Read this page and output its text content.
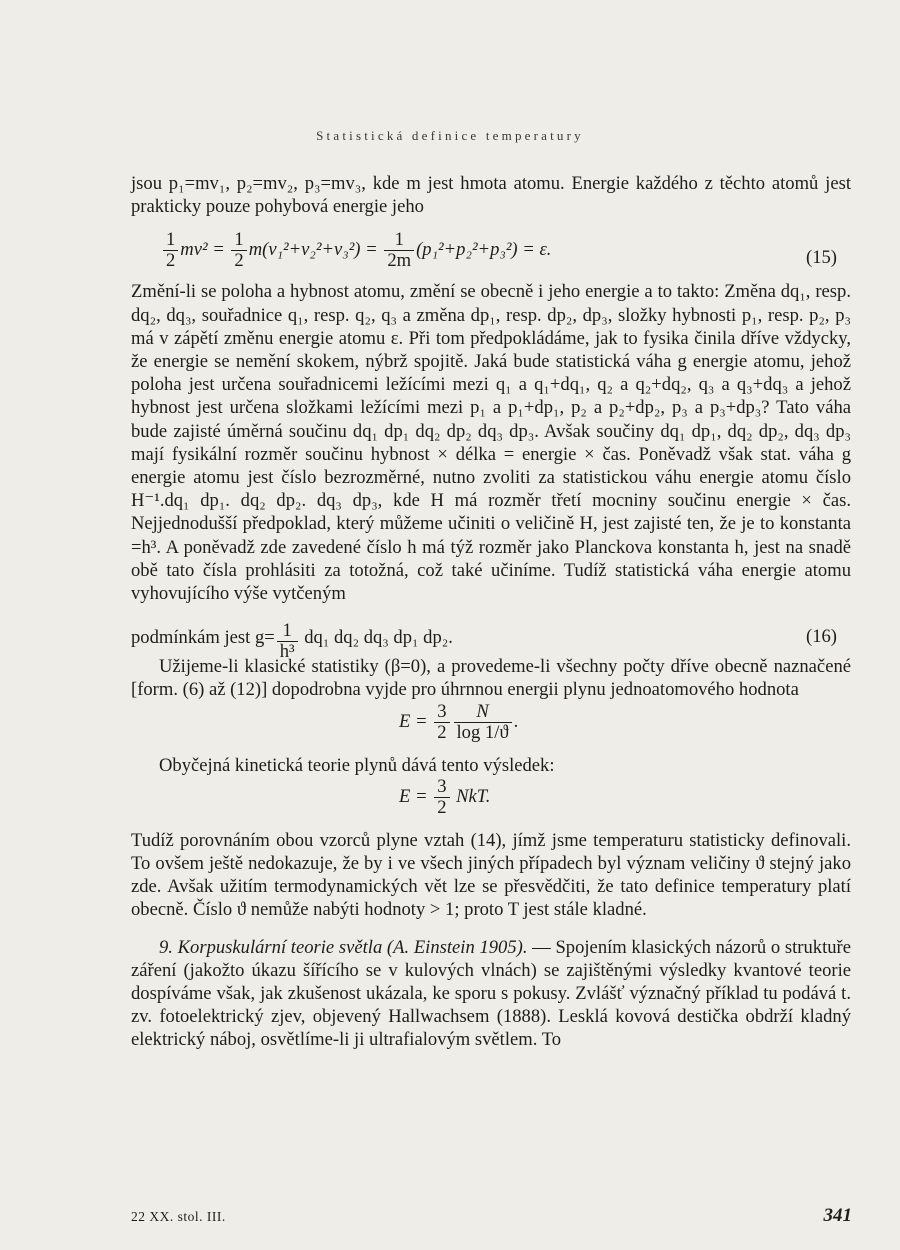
Statistická definice temperatury

jsou p₁=mv₁, p₂=mv₂, p₃=mv₃, kde m jest hmota atomu. Energie každého z těchto atomů jest prakticky pouze pohybová energie jeho

$\frac{1}{2} mv^2 = \frac{1}{2} m(v_1^2+v_2^2+v_3^2) = \frac{1}{2m} (p_1^2+p_2^2+p_3^2) = \varepsilon$.	(15)

Změní-li se poloha a hybnost atomu, změní se obecně i jeho energie a to takto: Změna dq₁, resp. dq₂, dq₃, souřadnice q₁, resp. q₂, q₃ a změna dp₁, resp. dp₂, dp₃, složky hybnosti p₁, resp. p₂, p₃ má v zápětí změnu energie atomu ε. Při tom předpokládáme, jak to fysika činila dříve vždycky, že energie se nemění skokem, nýbrž spojitě. Jaká bude statistická váha g energie atomu, jehož poloha jest určena souřadnicemi ležícími mezi q₁ a q₁+dq₁, q₂ a q₂+dq₂, q₃ a q₃+dq₃ a jehož hybnost jest určena složkami ležícími mezi p₁ a p₁+dp₁, p₂ a p₂+dp₂, p₃ a p₃+dp₃? Tato váha bude zajisté úměrná součinu dq₁ dp₁ dq₂ dp₂ dq₃ dp₃. Avšak součiny dq₁ dp₁, dq₂ dp₂, dq₃ dp₃ mají fysikální rozměr součinu hybnost × délka = energie × čas. Poněvadž však stat. váha g energie atomu jest číslo bezrozměrné, nutno zvoliti za statistickou váhu energie atomu číslo H⁻¹.dq₁ dp₁. dq₂ dp₂. dq₃ dp₃, kde H má rozměr třetí mocniny součinu energie × čas. Nejjednodušší předpoklad, který můžeme učiniti o veličině H, jest zajisté ten, že je to konstanta =h³. A poněvadž zde zavedené číslo h má týž rozměr jako Planckova konstanta h, jest na snadě obě tato čísla prohlásiti za totožná, což také učiníme. Tudíž statistická váha energie atomu vyhovujícího výše vytčeným

podmínkám jest $g= \frac{1}{\text{h³}} dq_1$ dq₂ dq₃ dp₁ dp₂.	(16)

Užijeme-li klasické statistiky (β=0), a provedeme-li všechny počty dříve obecně naznačené [form. (6) až (12)] dopodrobna vyjde pro úhrnnou energii plynu jednoatomového hodnota

$E = \frac{3}{2} \frac{N}{\log 1/ϑ}$ .

Obyčejná kinetická teorie plynů dává tento výsledek:

$E = \frac{3}{2}$ NkT.

Tudíž porovnáním obou vzorců plyne vztah (14), jímž jsme temperaturu statisticky definovali. To ovšem ještě nedokazuje, že by i ve všech jiných případech byl význam veličiny ϑ stejný jako zde. Avšak užitím termodynamických vět lze se přesvědčiti, že tato definice temperatury platí obecně. Číslo ϑ nemůže nabýti hodnoty > 1; proto T jest stále kladné.

9. Korpuskulární teorie světla (A. Einstein 1905). — Spojením klasických názorů o struktuře záření (jakožto úkazu šířícího se v kulových vlnách) se zajištěnými výsledky kvantové teorie dospíváme však, jak zkušenost ukázala, ke sporu s pokusy. Zvlášť význačný příklad tu podává t. zv. fotoelektrický zjev, objevený Hallwachsem (1888). Lesklá kovová destička obdrží kladný elektrický náboj, osvětlíme-li ji ultrafialovým světlem. To

22 XX. stol. III.	341
